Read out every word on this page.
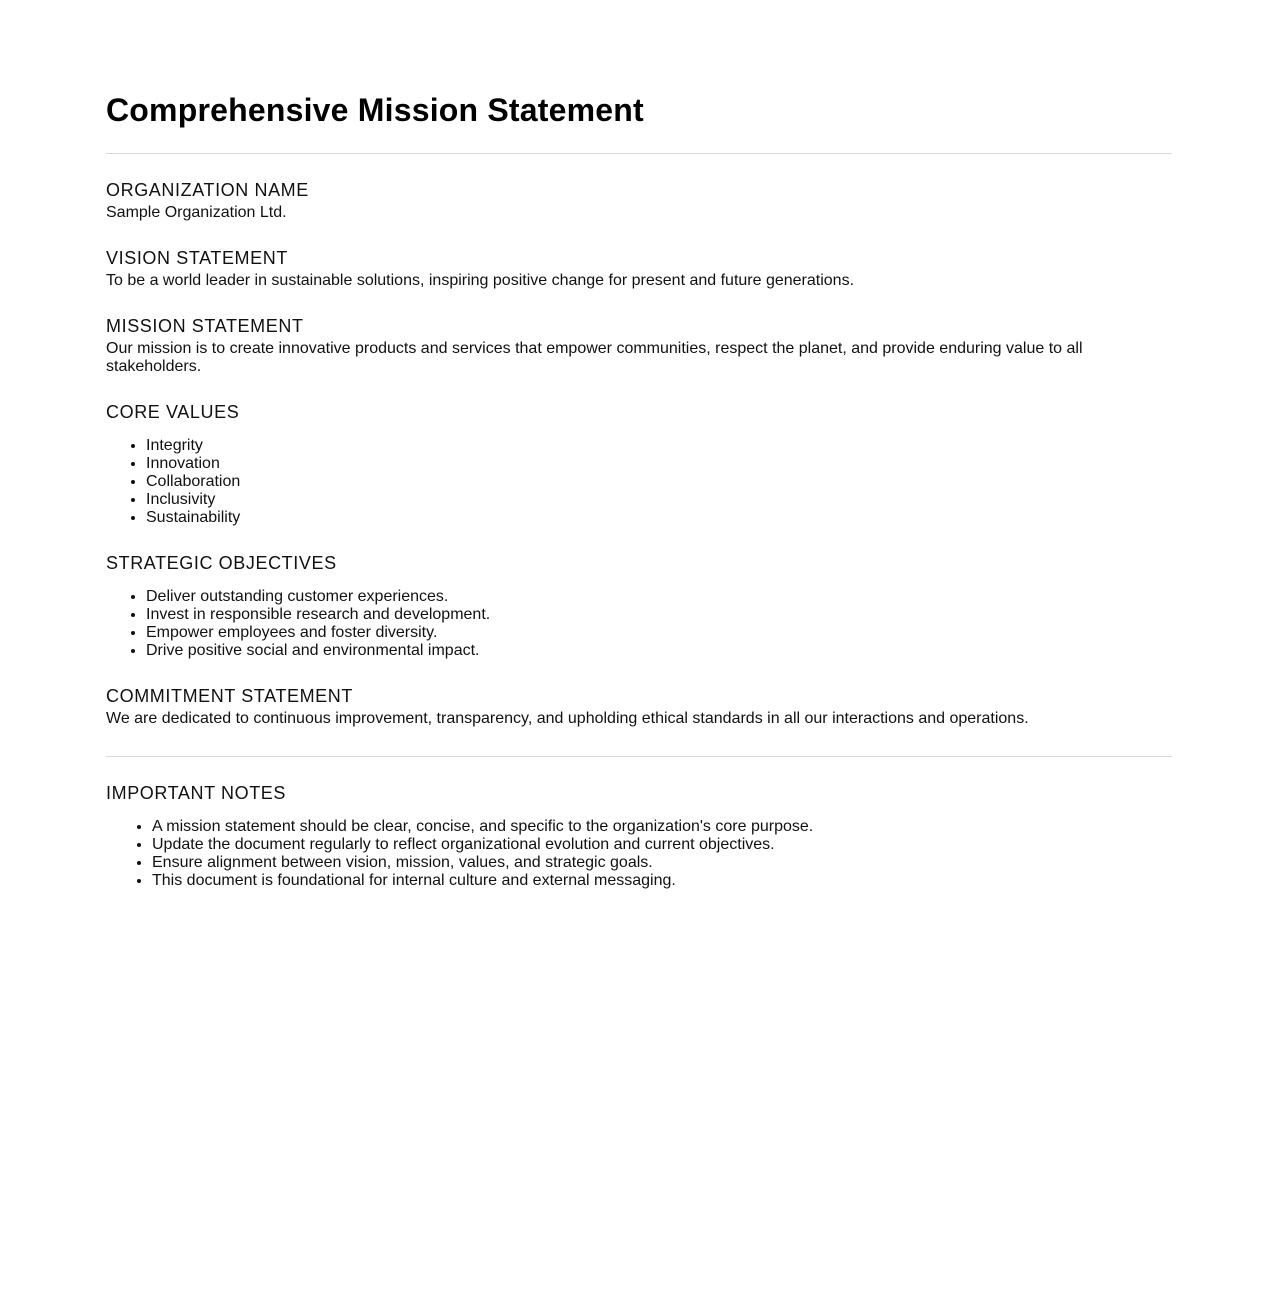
Comprehensive Mission Statement
ORGANIZATION NAME

Sample Organization Ltd.

VISION STATEMENT

To be a world leader in sustainable solutions, inspiring positive change for present and future generations.

MISSION STATEMENT

Our mission is to create innovative products and services that empower communities, respect the planet, and provide enduring value to all stakeholders.

CORE VALUES
• Integrity
• Innovation
• Collaboration
• Inclusivity
• Sustainability
STRATEGIC OBJECTIVES
• Deliver outstanding customer experiences.
• Invest in responsible research and development.
• Empower employees and foster diversity.
• Drive positive social and environmental impact.
COMMITMENT STATEMENT

We are dedicated to continuous improvement, transparency, and upholding ethical standards in all our interactions and operations.

IMPORTANT NOTES
• A mission statement should be clear, concise, and specific to the organization's core purpose.
• Update the document regularly to reflect organizational evolution and current objectives.
• Ensure alignment between vision, mission, values, and strategic goals.
• This document is foundational for internal culture and external messaging.
